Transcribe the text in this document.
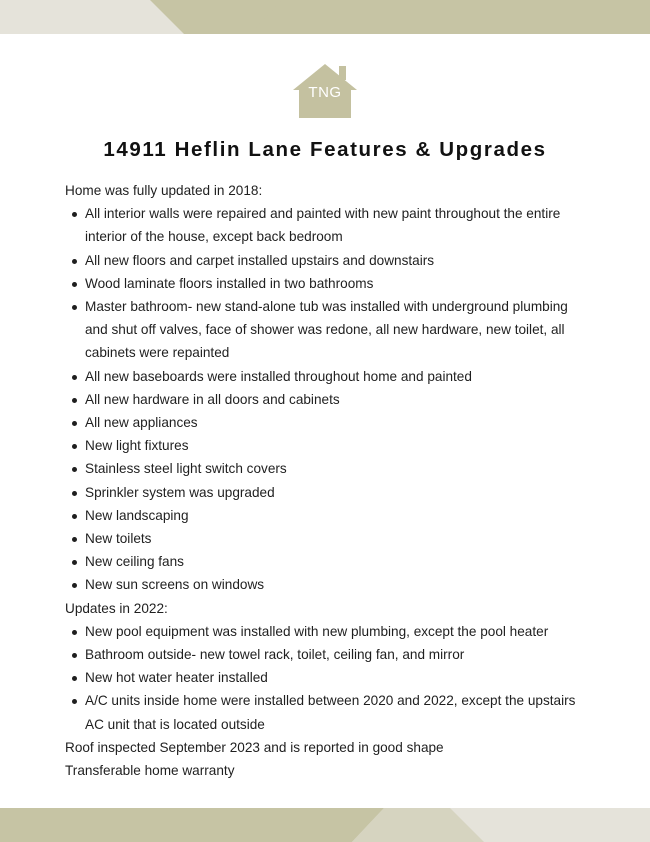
TNG
14911 Heflin Lane Features & Upgrades

Home was fully updated in 2018:

All interior walls were repaired and painted with new paint throughout the entire interior of the house, except back bedroom
All new floors and carpet installed upstairs and downstairs
Wood laminate floors installed in two bathrooms
Master bathroom- new stand-alone tub was installed with underground plumbing and shut off valves, face of shower was redone, all new hardware, new toilet, all cabinets were repainted
All new baseboards were installed throughout home and painted
All new hardware in all doors and cabinets
All new appliances
New light fixtures
Stainless steel light switch covers
Sprinkler system was upgraded
New landscaping
New toilets
New ceiling fans
New sun screens on windows

Updates in 2022:

New pool equipment was installed with new plumbing, except the pool heater
Bathroom outside- new towel rack, toilet, ceiling fan, and mirror
New hot water heater installed
A/C units inside home were installed between 2020 and 2022, except the upstairs AC unit that is located outside

Roof inspected September 2023 and is reported in good shape

Transferable home warranty
